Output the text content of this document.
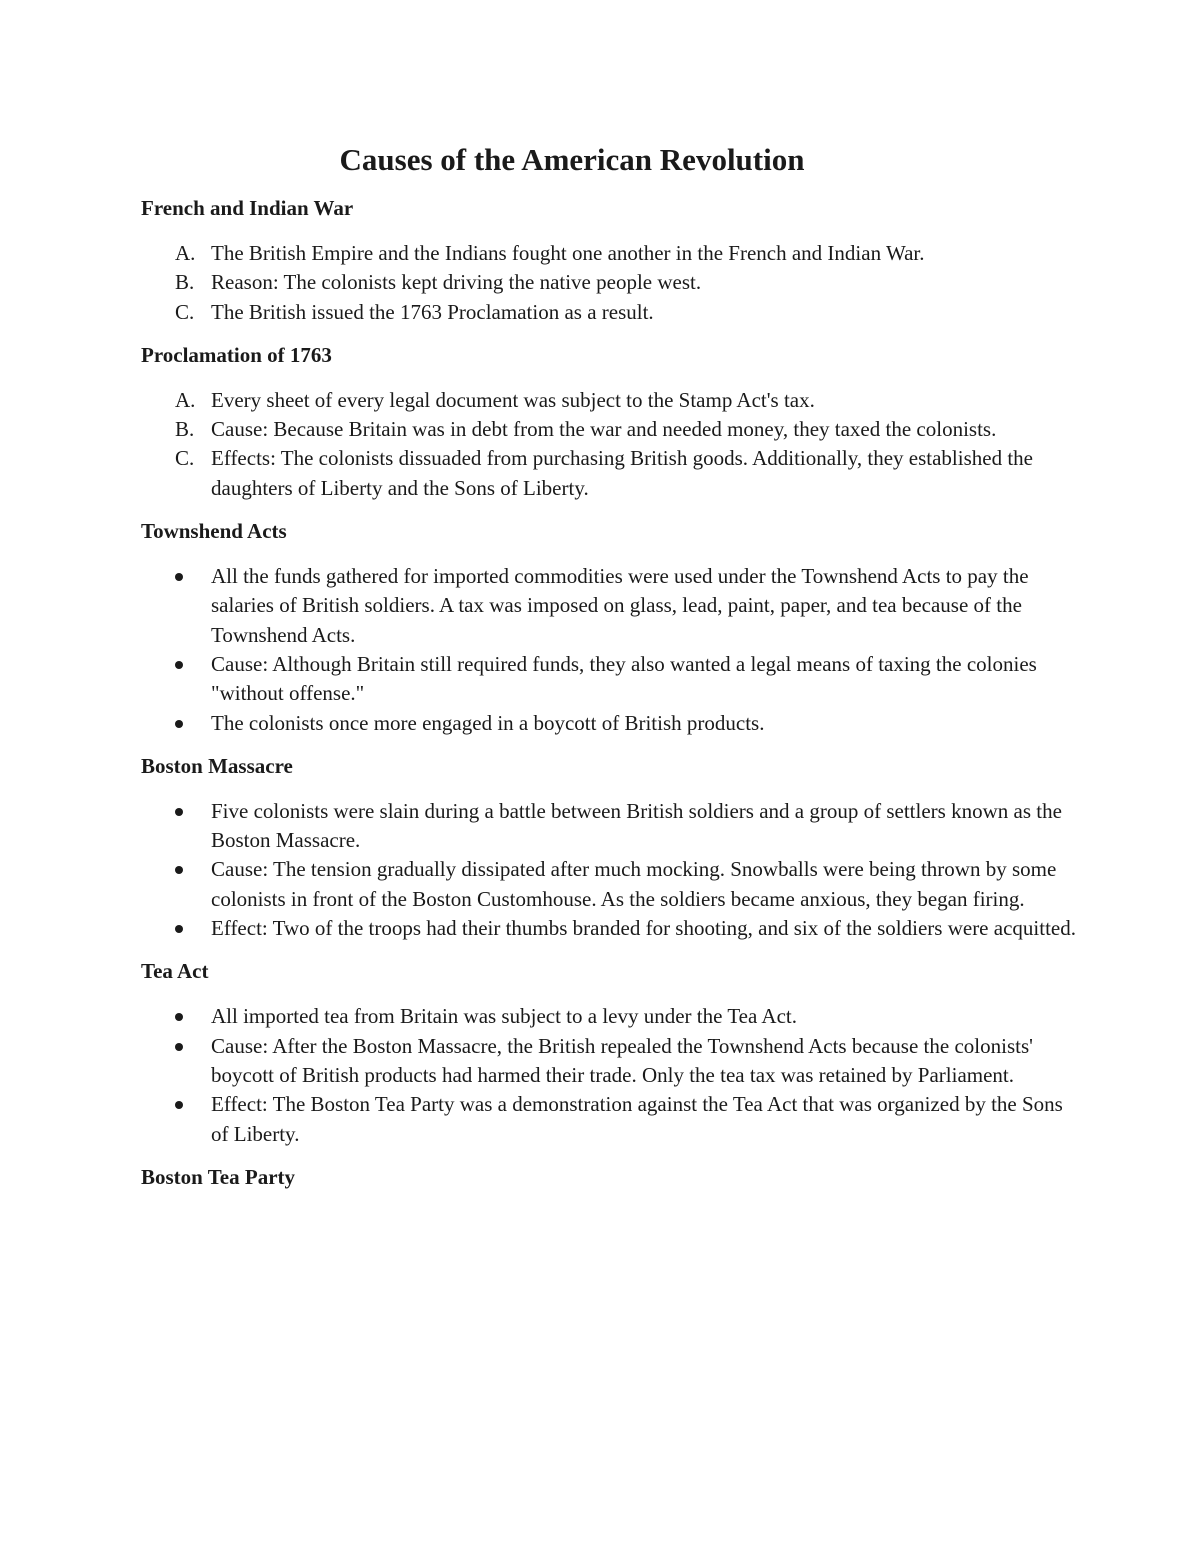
Causes of the American Revolution
French and Indian War
A. The British Empire and the Indians fought one another in the French and Indian War.
B. Reason: The colonists kept driving the native people west.
C. The British issued the 1763 Proclamation as a result.
Proclamation of 1763
A. Every sheet of every legal document was subject to the Stamp Act's tax.
B. Cause: Because Britain was in debt from the war and needed money, they taxed the colonists.
C. Effects: The colonists dissuaded from purchasing British goods. Additionally, they established the daughters of Liberty and the Sons of Liberty.
Townshend Acts
All the funds gathered for imported commodities were used under the Townshend Acts to pay the salaries of British soldiers. A tax was imposed on glass, lead, paint, paper, and tea because of the Townshend Acts.
Cause: Although Britain still required funds, they also wanted a legal means of taxing the colonies "without offense."
The colonists once more engaged in a boycott of British products.
Boston Massacre
Five colonists were slain during a battle between British soldiers and a group of settlers known as the Boston Massacre.
Cause: The tension gradually dissipated after much mocking. Snowballs were being thrown by some colonists in front of the Boston Customhouse. As the soldiers became anxious, they began firing.
Effect: Two of the troops had their thumbs branded for shooting, and six of the soldiers were acquitted.
Tea Act
All imported tea from Britain was subject to a levy under the Tea Act.
Cause: After the Boston Massacre, the British repealed the Townshend Acts because the colonists' boycott of British products had harmed their trade. Only the tea tax was retained by Parliament.
Effect: The Boston Tea Party was a demonstration against the Tea Act that was organized by the Sons of Liberty.
Boston Tea Party
